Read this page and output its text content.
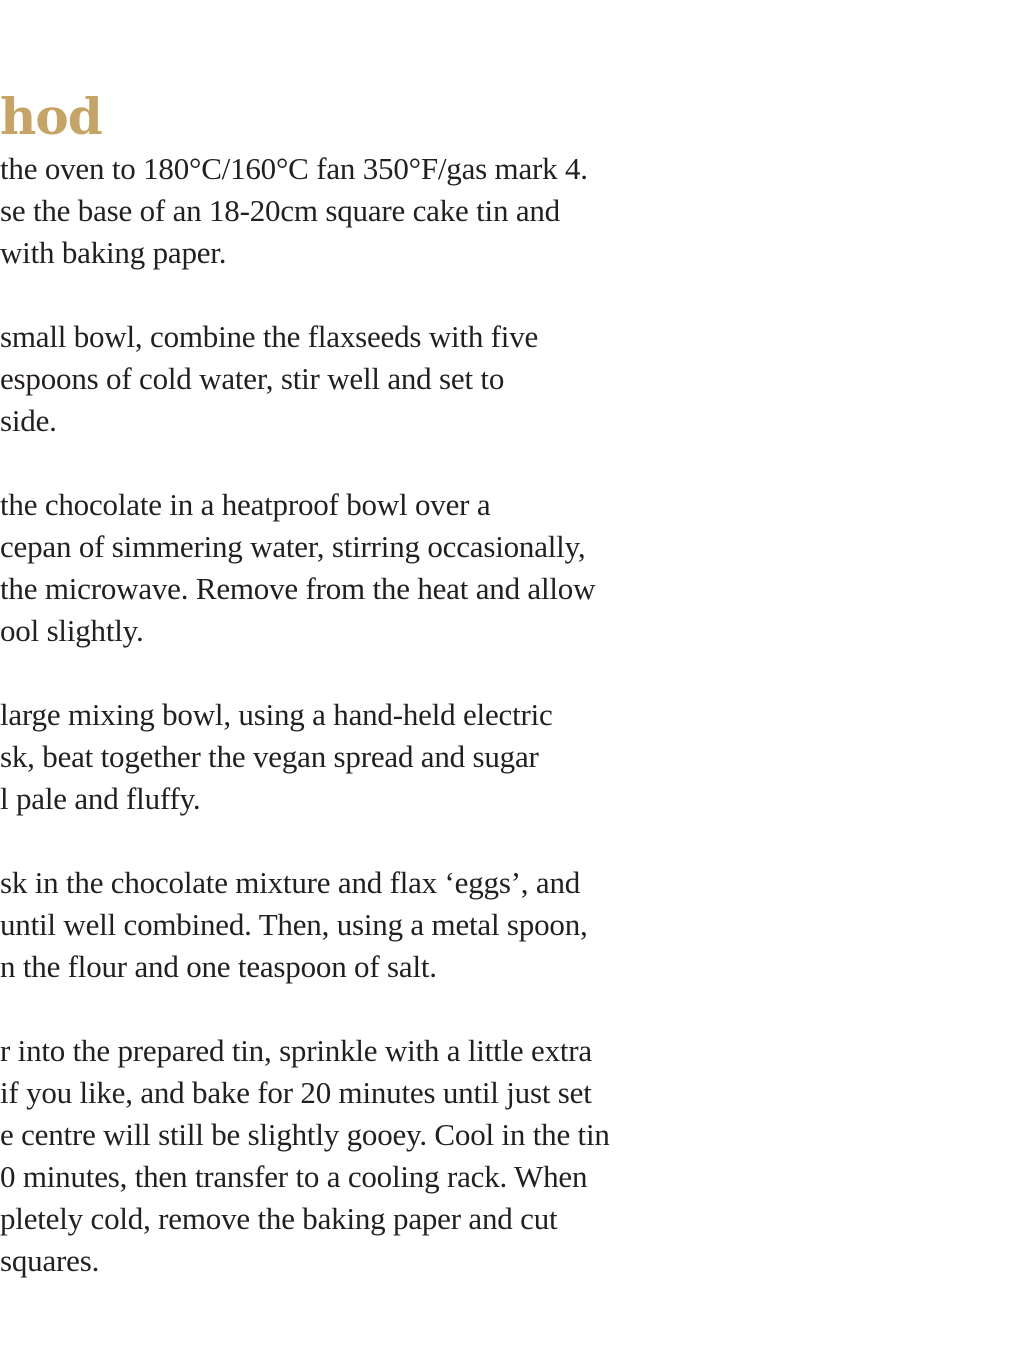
hod
the oven to 180°C/160°C fan 350°F/gas mark 4.
se the base of an 18-20cm square cake tin and
with baking paper.
small bowl, combine the flaxseeds with five
espoons of cold water, stir well and set to
side.
the chocolate in a heatproof bowl over a
cepan of simmering water, stirring occasionally,
the microwave. Remove from the heat and allow
ool slightly.
large mixing bowl, using a hand-held electric
sk, beat together the vegan spread and sugar
l pale and fluffy.
sk in the chocolate mixture and flax ‘eggs’, and
until well combined. Then, using a metal spoon,
n the flour and one teaspoon of salt.
r into the prepared tin, sprinkle with a little extra
if you like, and bake for 20 minutes until just set
e centre will still be slightly gooey. Cool in the tin
0 minutes, then transfer to a cooling rack. When
pletely cold, remove the baking paper and cut
squares.
